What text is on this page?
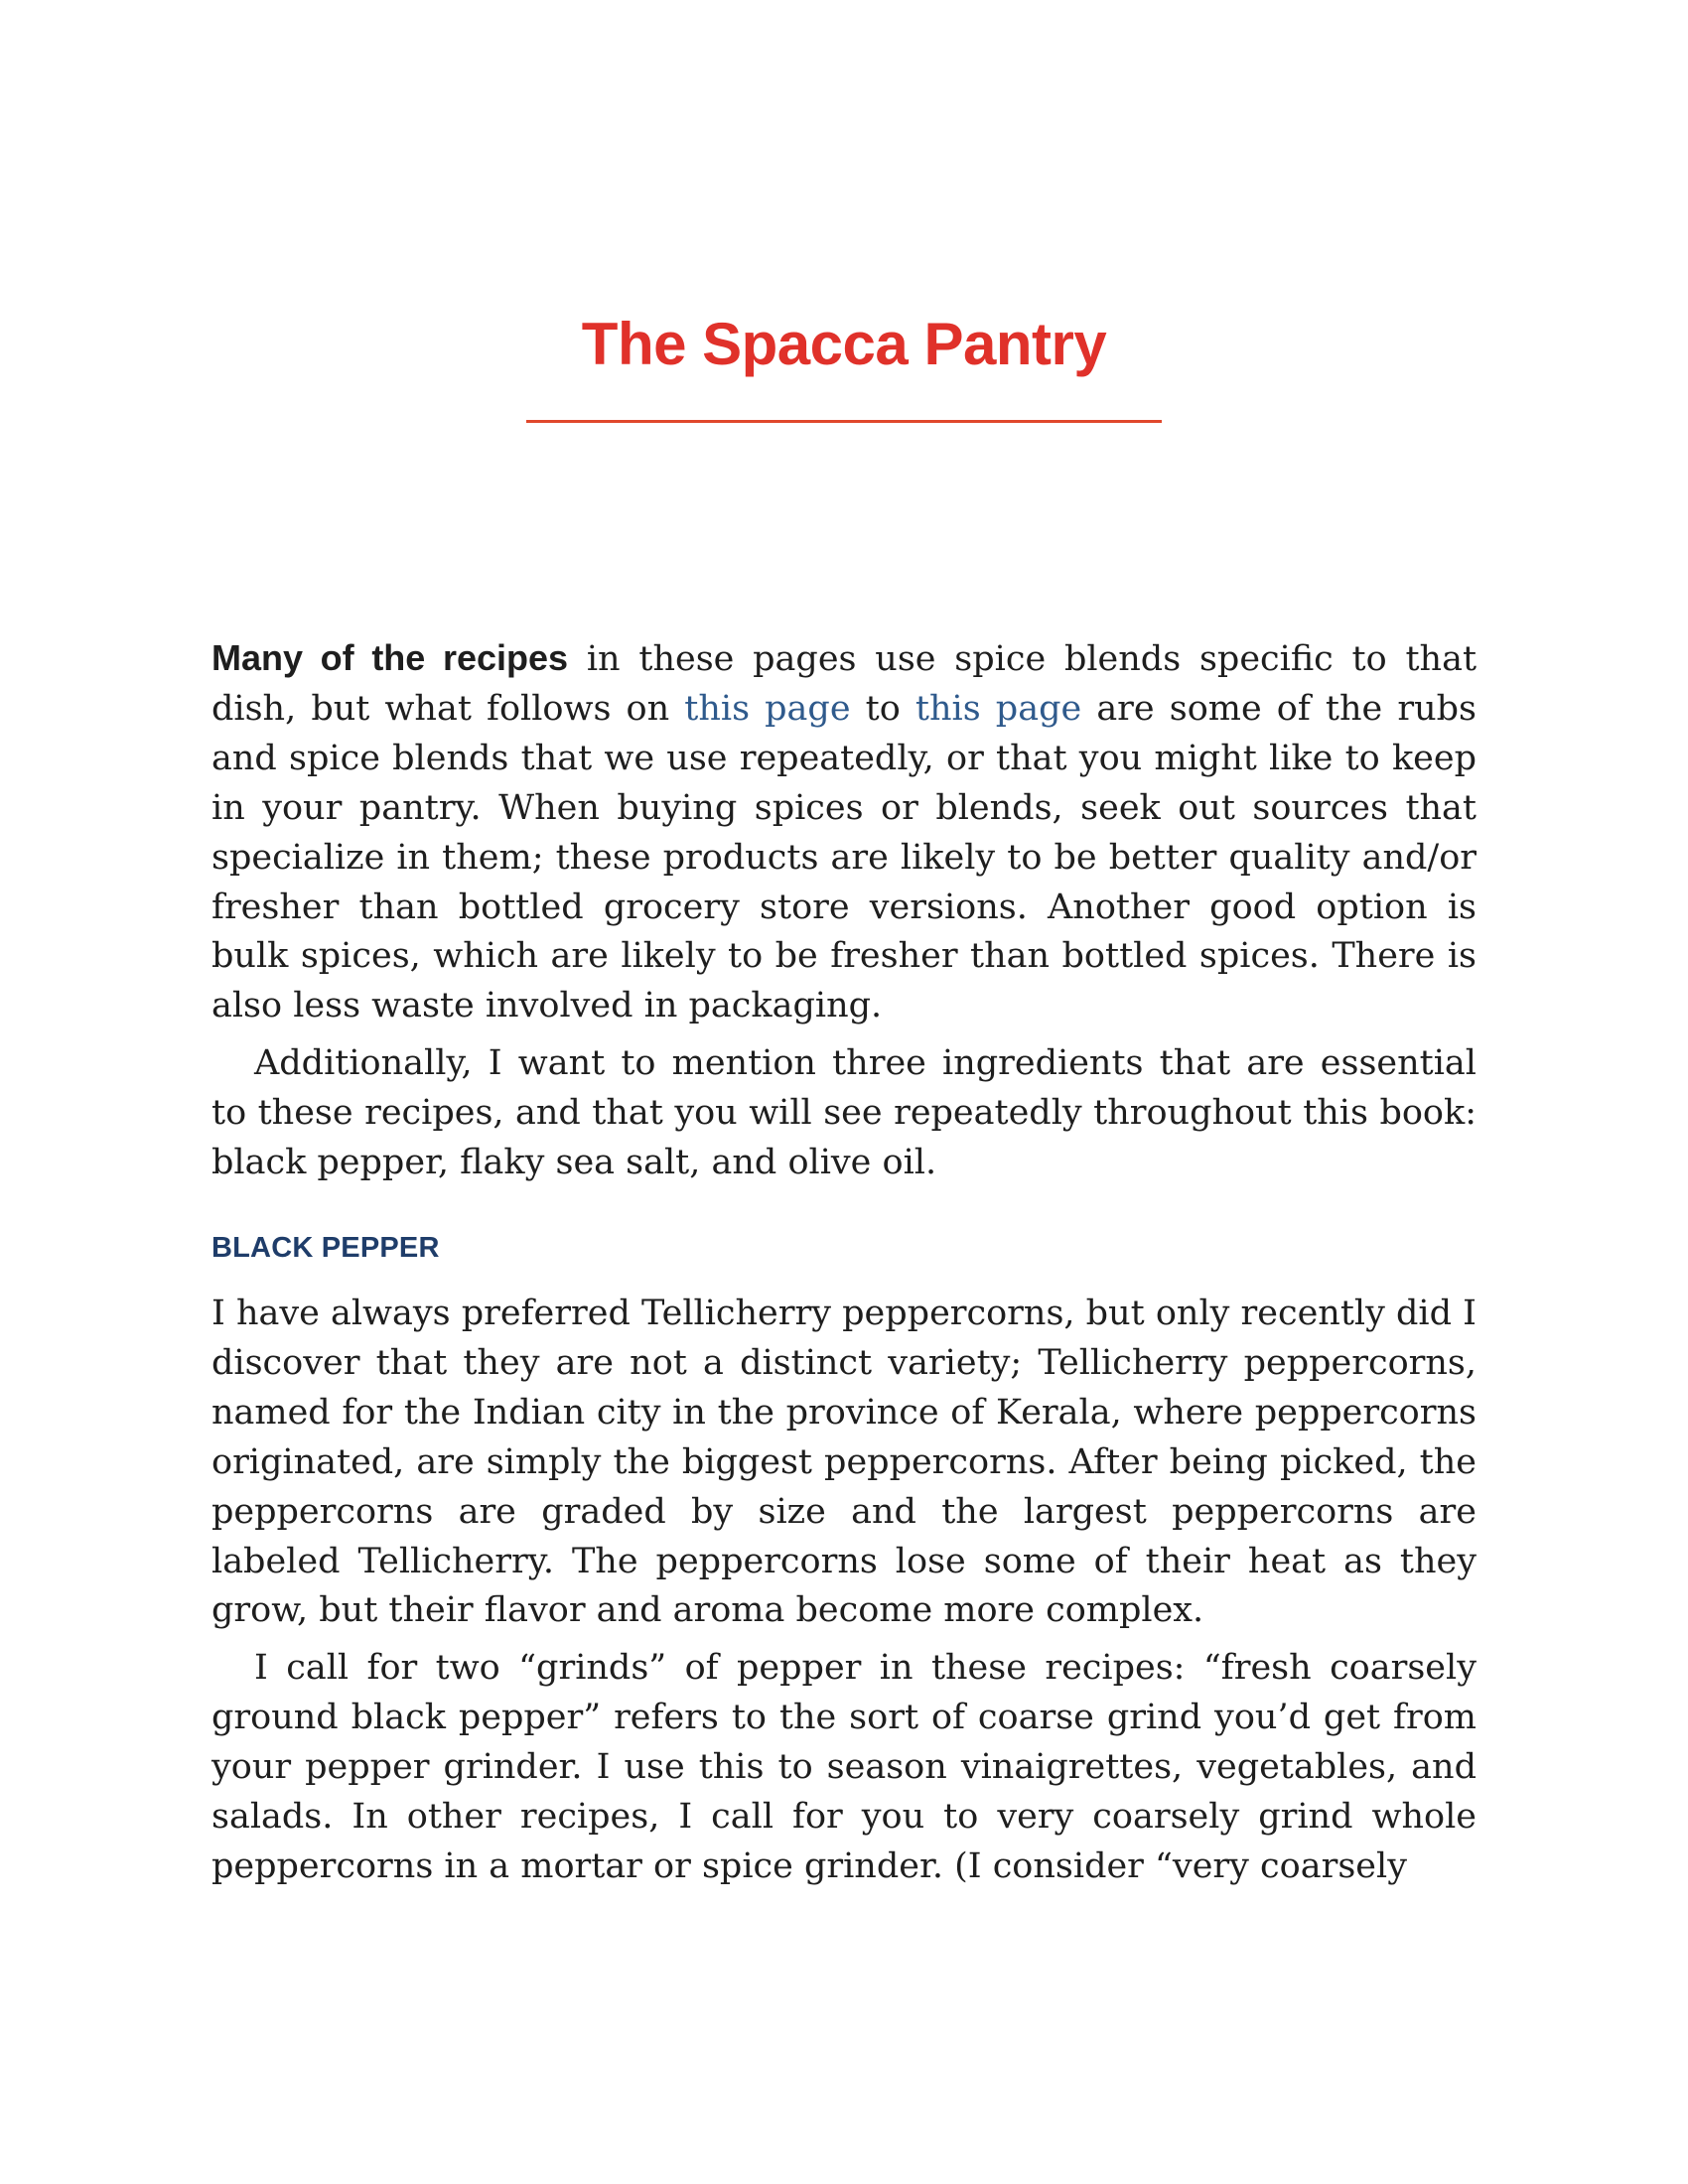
The Spacca Pantry

Many of the recipes in these pages use spice blends specific to that dish, but what follows on this page to this page are some of the rubs and spice blends that we use repeatedly, or that you might like to keep in your pantry. When buying spices or blends, seek out sources that specialize in them; these products are likely to be better quality and/or fresher than bottled grocery store versions. Another good option is bulk spices, which are likely to be fresher than bottled spices. There is also less waste involved in packaging.

Additionally, I want to mention three ingredients that are essential to these recipes, and that you will see repeatedly throughout this book: black pepper, flaky sea salt, and olive oil.

BLACK PEPPER

I have always preferred Tellicherry peppercorns, but only recently did I discover that they are not a distinct variety; Tellicherry peppercorns, named for the Indian city in the province of Kerala, where peppercorns originated, are simply the biggest peppercorns. After being picked, the peppercorns are graded by size and the largest peppercorns are labeled Tellicherry. The peppercorns lose some of their heat as they grow, but their flavor and aroma become more complex.

I call for two “grinds” of pepper in these recipes: “fresh coarsely ground black pepper” refers to the sort of coarse grind you’d get from your pepper grinder. I use this to season vinaigrettes, vegetables, and salads. In other recipes, I call for you to very coarsely grind whole peppercorns in a mortar or spice grinder. (I consider “very coarsely
